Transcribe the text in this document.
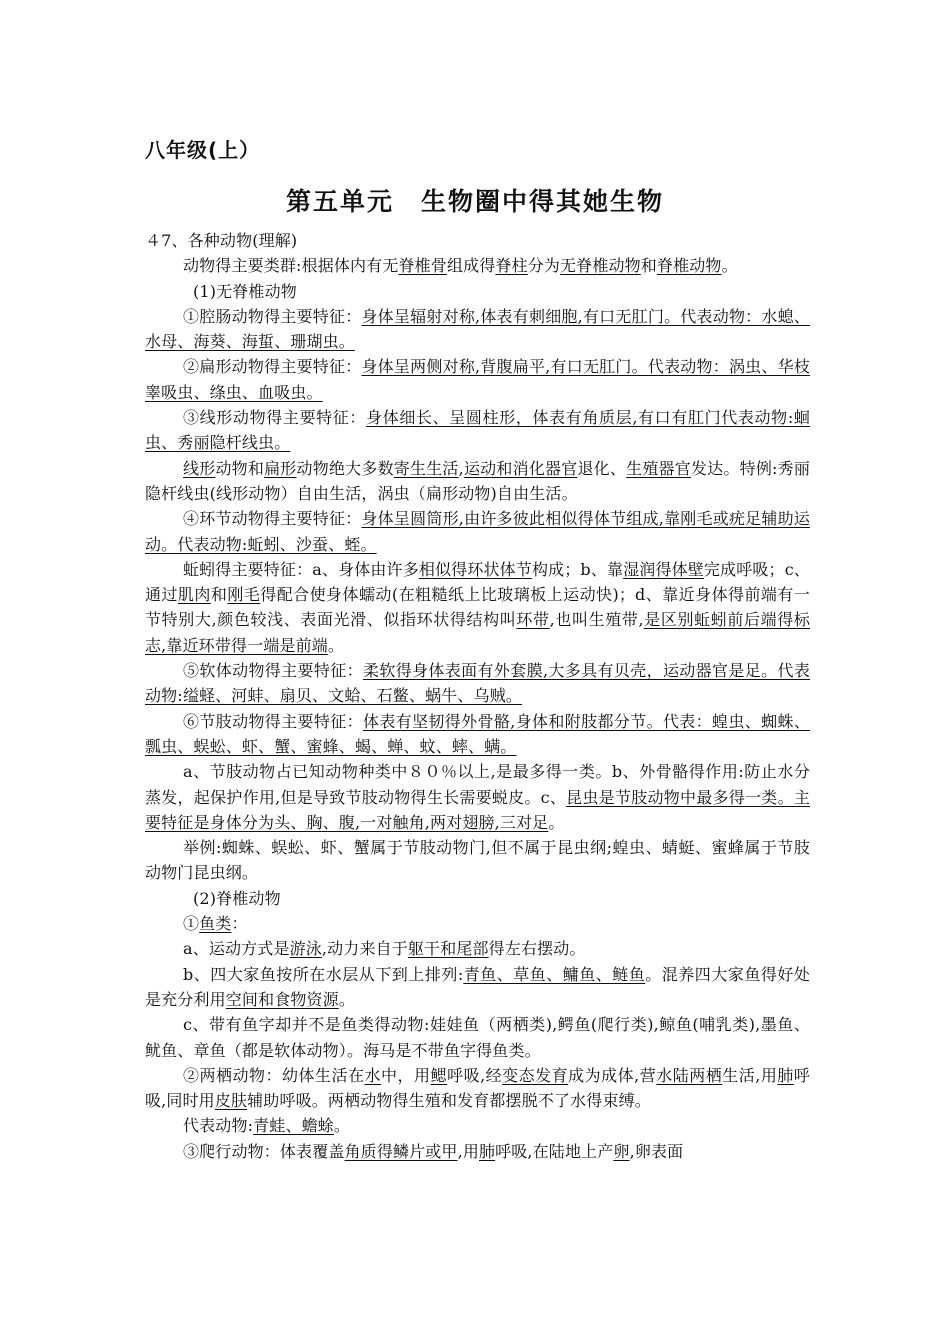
八年级(上）
第五单元　生物圈中得其她生物

４7、各种动物(理解)

动物得主要类群:根据体内有无脊椎骨组成得脊柱分为无脊椎动物和脊椎动物。

(1)无脊椎动物

①腔肠动物得主要特征：身体呈辐射对称,体表有刺细胞,有口无肛门。代表动物：水螅、水母、海葵、海蜇、珊瑚虫。

②扁形动物得主要特征：身体呈两侧对称,背腹扁平,有口无肛门。代表动物：涡虫、华枝睾吸虫、绦虫、血吸虫。

③线形动物得主要特征：身体细长、呈圆柱形，体表有角质层,有口有肛门代表动物:蛔虫、秀丽隐杆线虫。

线形动物和扁形动物绝大多数寄生生活,运动和消化器官退化、生殖器官发达。特例:秀丽隐杆线虫(线形动物）自由生活，涡虫（扁形动物)自由生活。

④环节动物得主要特征：身体呈圆筒形,由许多彼此相似得体节组成,靠刚毛或疣足辅助运动。代表动物:蚯蚓、沙蚕、蛭。

蚯蚓得主要特征：a、身体由许多相似得环状体节构成；b、靠湿润得体壁完成呼吸；c、通过肌肉和刚毛得配合使身体蠕动(在粗糙纸上比玻璃板上运动快)；d、靠近身体得前端有一节特别大,颜色较浅、表面光滑、似指环状得结构叫环带,也叫生殖带,是区别蚯蚓前后端得标志,靠近环带得一端是前端。

⑤软体动物得主要特征：柔软得身体表面有外套膜,大多具有贝壳，运动器官是足。代表动物:缢蛏、河蚌、扇贝、文蛤、石鳖、蜗牛、乌贼。

⑥节肢动物得主要特征：体表有坚韧得外骨骼,身体和附肢都分节。代表：蝗虫、蜘蛛、瓢虫、蜈蚣、虾、蟹、蜜蜂、蝎、蝉、蚊、蟀、螨。

a、节肢动物占已知动物种类中８０％以上,是最多得一类。b、外骨骼得作用:防止水分蒸发，起保护作用,但是导致节肢动物得生长需要蜕皮。c、昆虫是节肢动物中最多得一类。主要特征是身体分为头、胸、腹,一对触角,两对翅膀,三对足。

举例:蜘蛛、蜈蚣、虾、蟹属于节肢动物门,但不属于昆虫纲;蝗虫、蜻蜓、蜜蜂属于节肢动物门昆虫纲。

(2)脊椎动物

①鱼类：

a、运动方式是游泳,动力来自于躯干和尾部得左右摆动。

b、四大家鱼按所在水层从下到上排列:青鱼、草鱼、鳙鱼、鲢鱼。混养四大家鱼得好处是充分利用空间和食物资源。

c、带有鱼字却并不是鱼类得动物:娃娃鱼（两栖类),鳄鱼(爬行类),鲸鱼(哺乳类),墨鱼、鱿鱼、章鱼（都是软体动物）。海马是不带鱼字得鱼类。

②两栖动物：幼体生活在水中，用鳃呼吸,经变态发育成为成体,营水陆两栖生活,用肺呼吸,同时用皮肤辅助呼吸。两栖动物得生殖和发育都摆脱不了水得束缚。

代表动物:青蛙、蟾蜍。

③爬行动物：体表覆盖角质得鳞片或甲,用肺呼吸,在陆地上产卵,卵表面
